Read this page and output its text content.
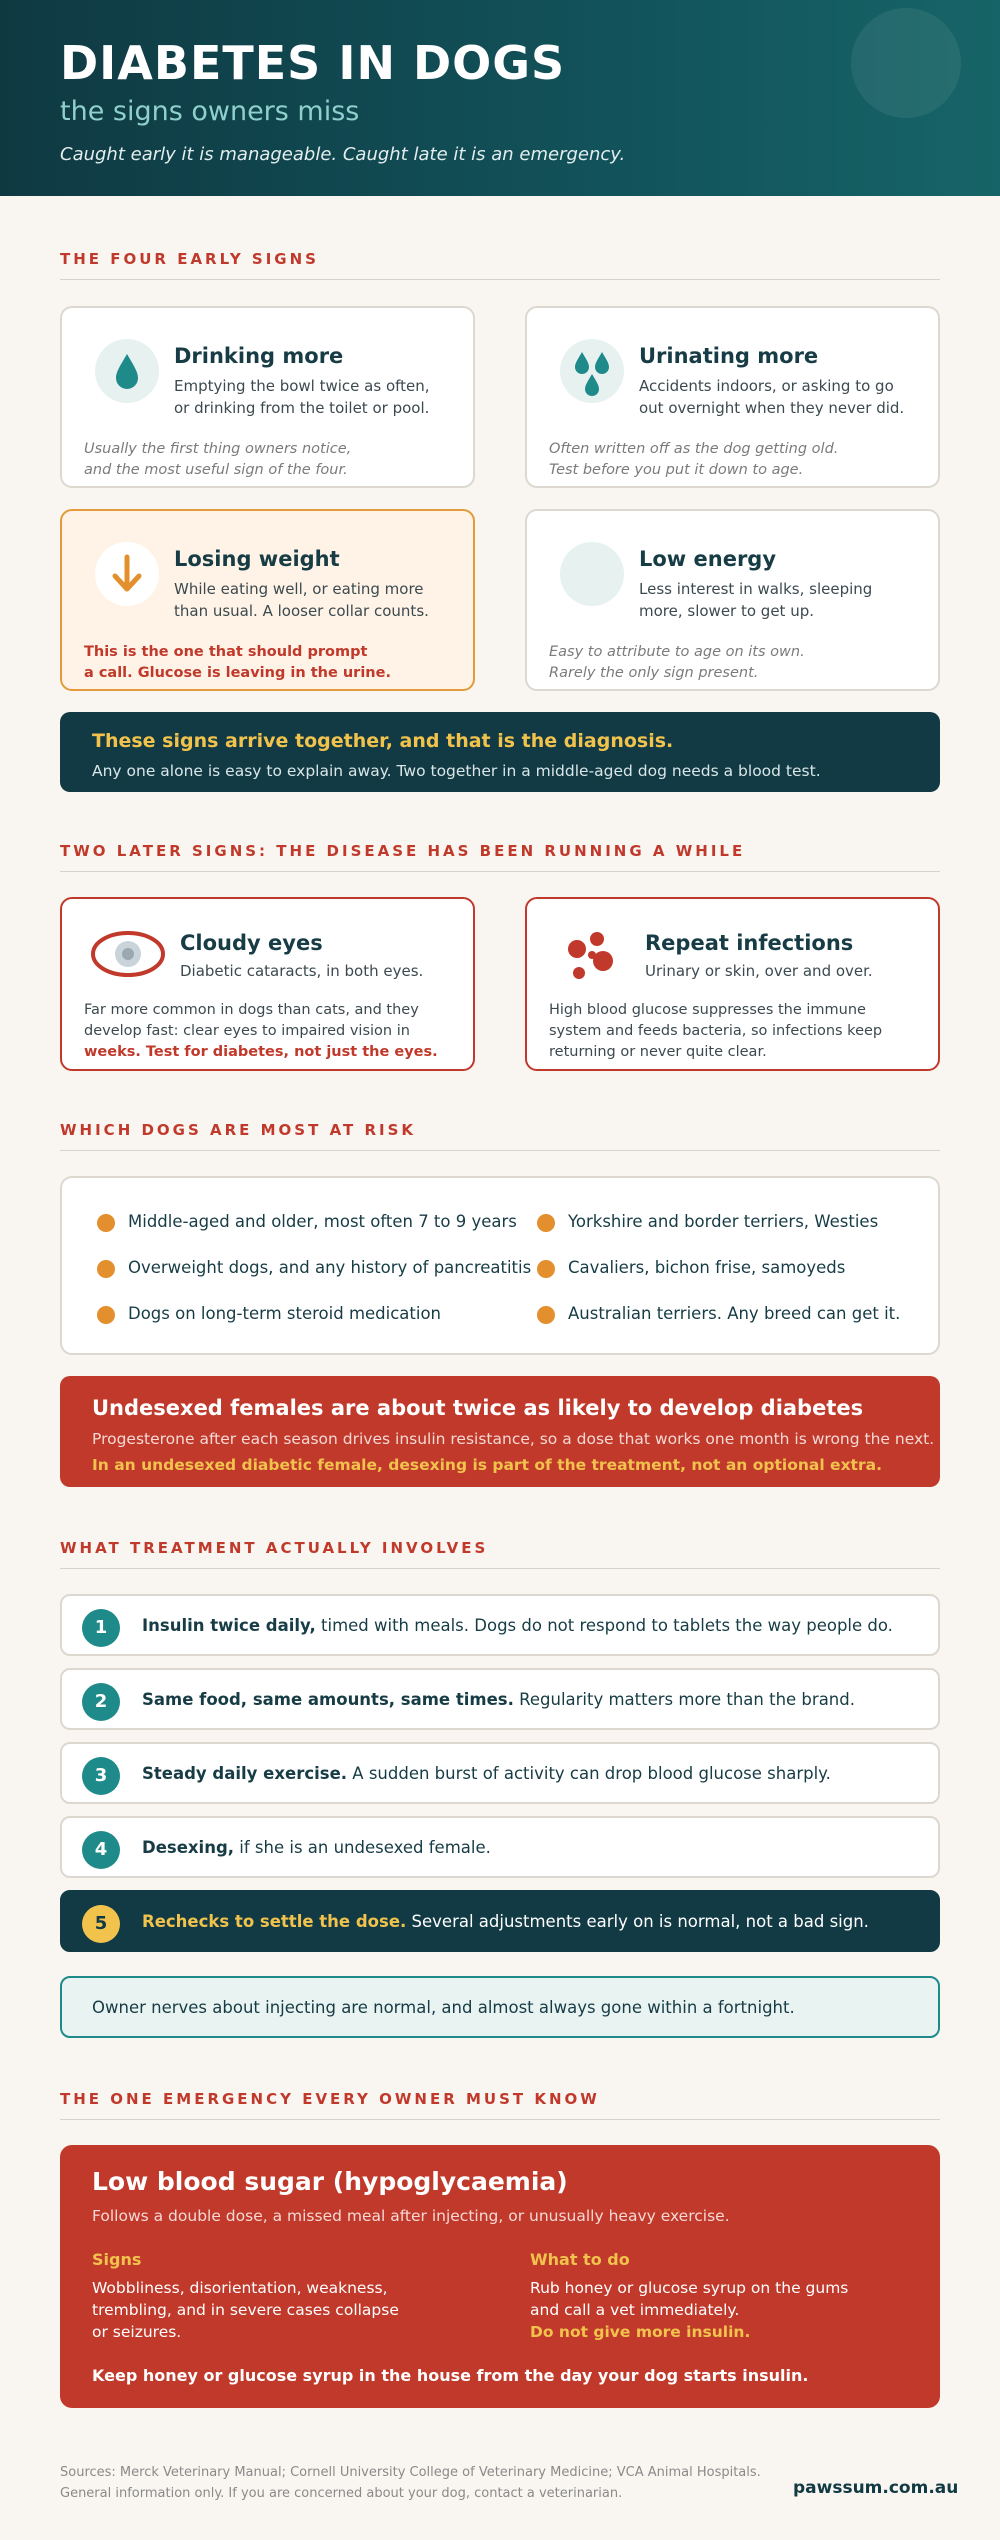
DIABETES IN DOGS
the signs owners miss
Caught early it is manageable. Caught late it is an emergency.
THE FOUR EARLY SIGNS
Drinking more
Emptying the bowl twice as often,
or drinking from the toilet or pool.
Usually the first thing owners notice,
and the most useful sign of the four.
Urinating more
Accidents indoors, or asking to go
out overnight when they never did.
Often written off as the dog getting old.
Test before you put it down to age.
Losing weight
While eating well, or eating more
than usual. A looser collar counts.
This is the one that should prompt
a call. Glucose is leaving in the urine.
Low energy
Less interest in walks, sleeping
more, slower to get up.
Easy to attribute to age on its own.
Rarely the only sign present.
These signs arrive together, and that is the diagnosis.
Any one alone is easy to explain away. Two together in a middle-aged dog needs a blood test.
TWO LATER SIGNS: THE DISEASE HAS BEEN RUNNING A WHILE
Cloudy eyes
Diabetic cataracts, in both eyes.
Far more common in dogs than cats, and they
develop fast: clear eyes to impaired vision in
weeks. Test for diabetes, not just the eyes.
Repeat infections
Urinary or skin, over and over.
High blood glucose suppresses the immune
system and feeds bacteria, so infections keep
returning or never quite clear.
WHICH DOGS ARE MOST AT RISK
Middle-aged and older, most often 7 to 9 years
Overweight dogs, and any history of pancreatitis
Dogs on long-term steroid medication
Yorkshire and border terriers, Westies
Cavaliers, bichon frise, samoyeds
Australian terriers. Any breed can get it.
Undesexed females are about twice as likely to develop diabetes
Progesterone after each season drives insulin resistance, so a dose that works one month is wrong the next.
In an undesexed diabetic female, desexing is part of the treatment, not an optional extra.
WHAT TREATMENT ACTUALLY INVOLVES
1	Insulin twice daily, timed with meals. Dogs do not respond to tablets the way people do.
2	Same food, same amounts, same times. Regularity matters more than the brand.
3	Steady daily exercise. A sudden burst of activity can drop blood glucose sharply.
4	Desexing, if she is an undesexed female.
5	Rechecks to settle the dose. Several adjustments early on is normal, not a bad sign.
Owner nerves about injecting are normal, and almost always gone within a fortnight.
THE ONE EMERGENCY EVERY OWNER MUST KNOW
Low blood sugar (hypoglycaemia)
Follows a double dose, a missed meal after injecting, or unusually heavy exercise.
Signs
Wobbliness, disorientation, weakness,
trembling, and in severe cases collapse
or seizures.
What to do
Rub honey or glucose syrup on the gums
and call a vet immediately.
Do not give more insulin.
Keep honey or glucose syrup in the house from the day your dog starts insulin.
Sources: Merck Veterinary Manual; Cornell University College of Veterinary Medicine; VCA Animal Hospitals.
General information only. If you are concerned about your dog, contact a veterinarian.	pawssum.com.au
